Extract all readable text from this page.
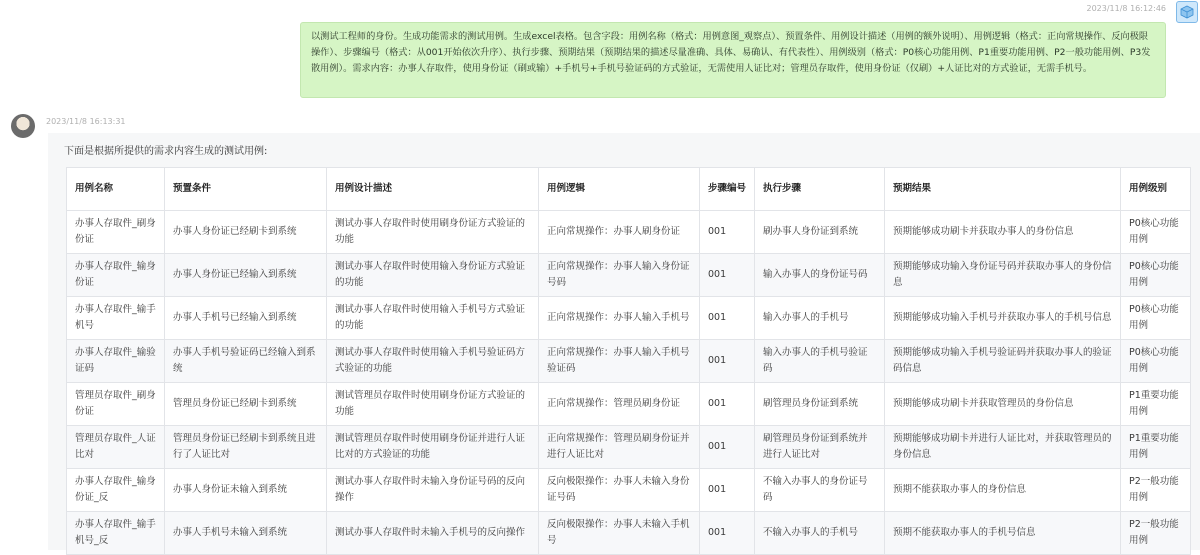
2023/11/8 16:12:46
以测试工程师的身份。生成功能需求的测试用例。生成excel表格。包含字段：用例名称（格式：用例意图_观察点）、预置条件、用例设计描述（用例的额外说明）、用例逻辑（格式：正向常规操作、反向极限操作）、步骤编号（格式：从001开始依次升序）、执行步骤、预期结果（预期结果的描述尽量准确、具体、易确认、有代表性）、用例级别（格式：P0核心功能用例、P1重要功能用例、P2一般功能用例、P3发散用例）。需求内容：办事人存取件，使用身份证（刷或输）+手机号+手机号验证码的方式验证，无需使用人证比对；管理员存取件，使用身份证（仅刷）+人证比对的方式验证，无需手机号。
2023/11/8 16:13:31
下面是根据所提供的需求内容生成的测试用例:
用例名称	预置条件	用例设计描述	用例逻辑	步骤编号	执行步骤	预期结果	用例级别
办事人存取件_刷身份证	办事人身份证已经刷卡到系统	测试办事人存取件时使用刷身份证方式验证的功能	正向常规操作：办事人刷身份证	001	刷办事人身份证到系统	预期能够成功刷卡并获取办事人的身份信息	P0核心功能用例
办事人存取件_输身份证	办事人身份证已经输入到系统	测试办事人存取件时使用输入身份证方式验证的功能	正向常规操作：办事人输入身份证号码	001	输入办事人的身份证号码	预期能够成功输入身份证号码并获取办事人的身份信息	P0核心功能用例
办事人存取件_输手机号	办事人手机号已经输入到系统	测试办事人存取件时使用输入手机号方式验证的功能	正向常规操作：办事人输入手机号	001	输入办事人的手机号	预期能够成功输入手机号并获取办事人的手机号信息	P0核心功能用例
办事人存取件_输验证码	办事人手机号验证码已经输入到系统	测试办事人存取件时使用输入手机号验证码方式验证的功能	正向常规操作：办事人输入手机号验证码	001	输入办事人的手机号验证码	预期能够成功输入手机号验证码并获取办事人的验证码信息	P0核心功能用例
管理员存取件_刷身份证	管理员身份证已经刷卡到系统	测试管理员存取件时使用刷身份证方式验证的功能	正向常规操作：管理员刷身份证	001	刷管理员身份证到系统	预期能够成功刷卡并获取管理员的身份信息	P1重要功能用例
管理员存取件_人证比对	管理员身份证已经刷卡到系统且进行了人证比对	测试管理员存取件时使用刷身份证并进行人证比对的方式验证的功能	正向常规操作：管理员刷身份证并进行人证比对	001	刷管理员身份证到系统并进行人证比对	预期能够成功刷卡并进行人证比对，并获取管理员的身份信息	P1重要功能用例
办事人存取件_输身份证_反	办事人身份证未输入到系统	测试办事人存取件时未输入身份证号码的反向操作	反向极限操作：办事人未输入身份证号码	001	不输入办事人的身份证号码	预期不能获取办事人的身份信息	P2一般功能用例
办事人存取件_输手机号_反	办事人手机号未输入到系统	测试办事人存取件时未输入手机号的反向操作	反向极限操作：办事人未输入手机号	001	不输入办事人的手机号	预期不能获取办事人的手机号信息	P2一般功能用例
